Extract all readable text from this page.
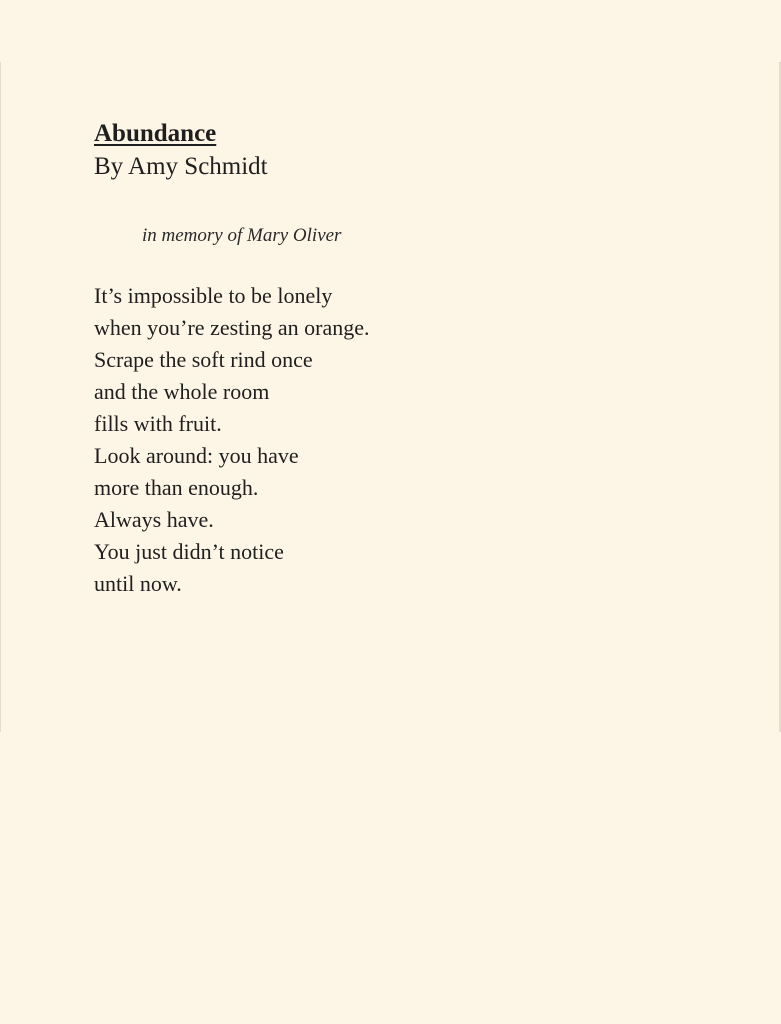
Abundance

By Amy Schmidt

in memory of Mary Oliver

It’s impossible to be lonely

when you’re zesting an orange.

Scrape the soft rind once

and the whole room

fills with fruit.

Look around: you have

more than enough.

Always have.

You just didn’t notice

until now.
